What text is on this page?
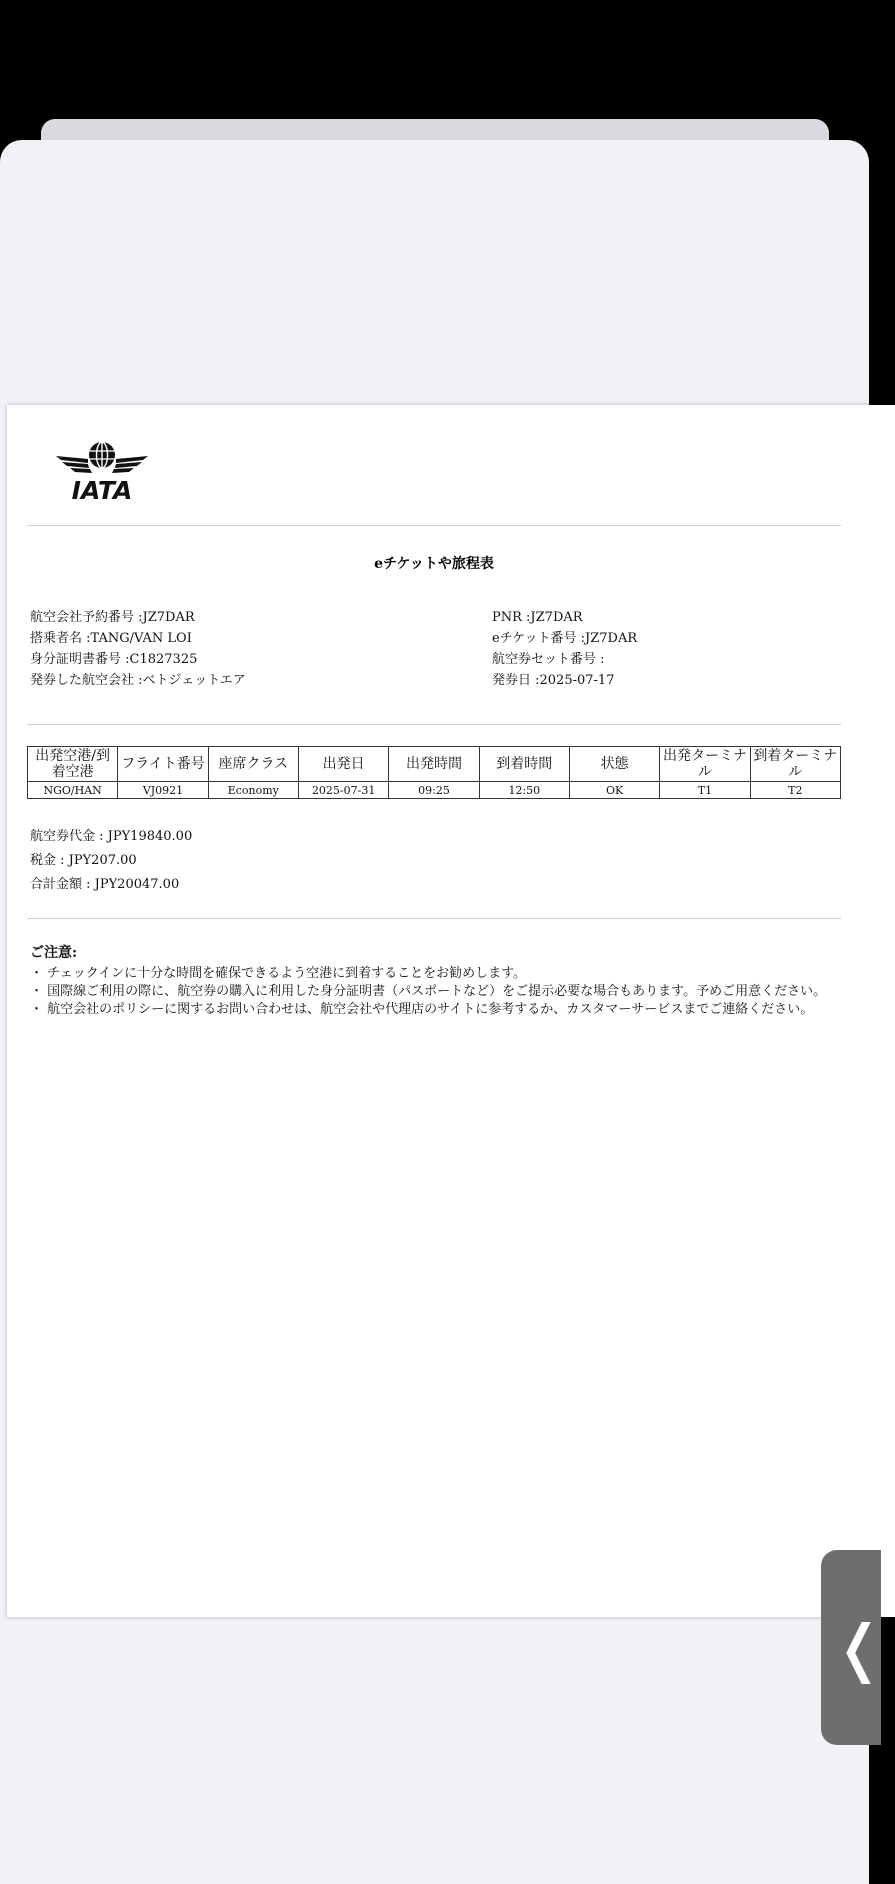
IATA
eチケットや旅程表
航空会社予約番号 :JZ7DAR
搭乗者名 :TANG/VAN LOI
身分証明書番号 :C1827325
発券した航空会社 :ベトジェットエア
PNR :JZ7DAR
eチケット番号 :JZ7DAR
航空券セット番号 :
発券日 :2025-07-17
出発空港/到着空港	フライト番号	座席クラス	出発日	出発時間	到着時間	状態	出発ターミナル	到着ターミナル
NGO/HAN	VJ0921	Economy	2025-07-31	09:25	12:50	OK	T1	T2
航空券代金 : JPY19840.00
税金 : JPY207.00
合計金額 : JPY20047.00
ご注意:
・ チェックインに十分な時間を確保できるよう空港に到着することをお勧めします。
・ 国際線ご利用の際に、航空券の購入に利用した身分証明書（パスポートなど）をご提示必要な場合もあります。予めご用意ください。
・ 航空会社のポリシーに関するお問い合わせは、航空会社や代理店のサイトに参考するか、カスタマーサービスまでご連絡ください。
❬
